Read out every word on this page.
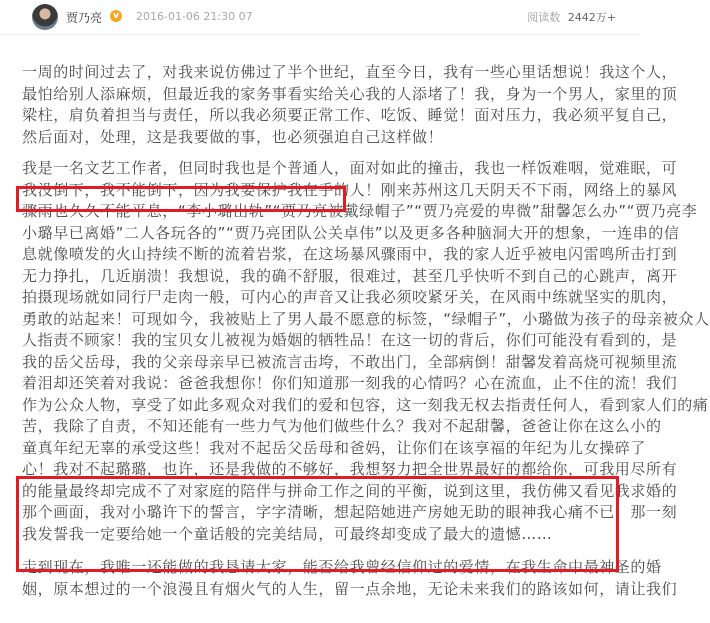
贾乃亮	v 2016-01-06 21:30 07	阅读数 2442万+
一周的时间过去了，对我来说仿佛过了半个世纪，直至今日，我有一些心里话想说！我这个人，
最怕给别人添麻烦，但最近我的家务事看实给关心我的人添堵了！我，身为一个男人，家里的顶
梁柱，肩负着担当与责任，所以我必须要正常工作、吃饭、睡觉！面对压力，我必须平复自己，
然后面对，处理，这是我要做的事，也必须强迫自己这样做！
我是一名文艺工作者，但同时我也是个普通人，面对如此的撞击，我也一样饭难咽，觉难眠，可
我没倒下，我不能倒下，因为我要保护我在乎的人！刚来苏州这几天阴天不下雨，网络上的暴风
骤雨也久久不能平息，“李小璐出轨”“贾乃亮被戴绿帽子”“贾乃亮爱的卑微”甜馨怎么办”“贾乃亮李
小璐早已离婚”二人各玩各的”“贾乃亮团队公关卓伟”以及更多各种脑洞大开的想象，一连串的信
息就像喷发的火山持续不断的流着岩浆，在这场暴风骤雨中，我的家人近乎被电闪雷鸣所击打到
无力挣扎，几近崩溃！我想说，我的确不舒服，很难过，甚至几乎快听不到自己的心跳声，离开
拍摄现场就如同行尸走肉一般，可内心的声音又让我必须咬紧牙关，在风雨中练就坚实的肌肉，
勇敢的站起来！可现如今，我被贴上了男人最不愿意的标签，“绿帽子”，小璐做为孩子的母亲被众人
人指责不顾家！我的宝贝女儿被视为婚姻的牺牲品！在这一切的背后，你们可能没有看到的，是
我的岳父岳母，我的父亲母亲早已被流言击垮，不敢出门，全部病倒！甜馨发着高烧可视频里流
着泪却还笑着对我说：爸爸我想你！你们知道那一刻我的心情吗？心在流血，止不住的流！我们
作为公众人物，享受了如此多观众对我们的爱和包容，这一刻我无权去指责任何人，看到家人们的痛
苦，我除了自责，不知还能有一些力气为他们做些什么？我对不起甜馨，爸爸让你在这么小的
童真年纪无辜的承受这些！我对不起岳父岳母和爸妈，让你们在该享福的年纪为儿女操碎了
心！我对不起璐璐，也许，还是我做的不够好，我想努力把全世界最好的都给你，可我用尽所有
的能量最终却完成不了对家庭的陪伴与拼命工作之间的平衡，说到这里，我仿佛又看见我求婚的
那个画面，我对小璐许下的誓言，字字清晰，想起陪她进产房她无助的眼神我心痛不已，那一刻
我发誓我一定要给她一个童话般的完美结局，可最终却变成了最大的遗憾……
走到现在，我唯一还能做的我恳请大家，能否给我曾经信仰过的爱情，在我生命中最神圣的婚
姻，原本想过的一个浪漫且有烟火气的人生，留一点余地，无论未来我们的路该如何，请让我们
